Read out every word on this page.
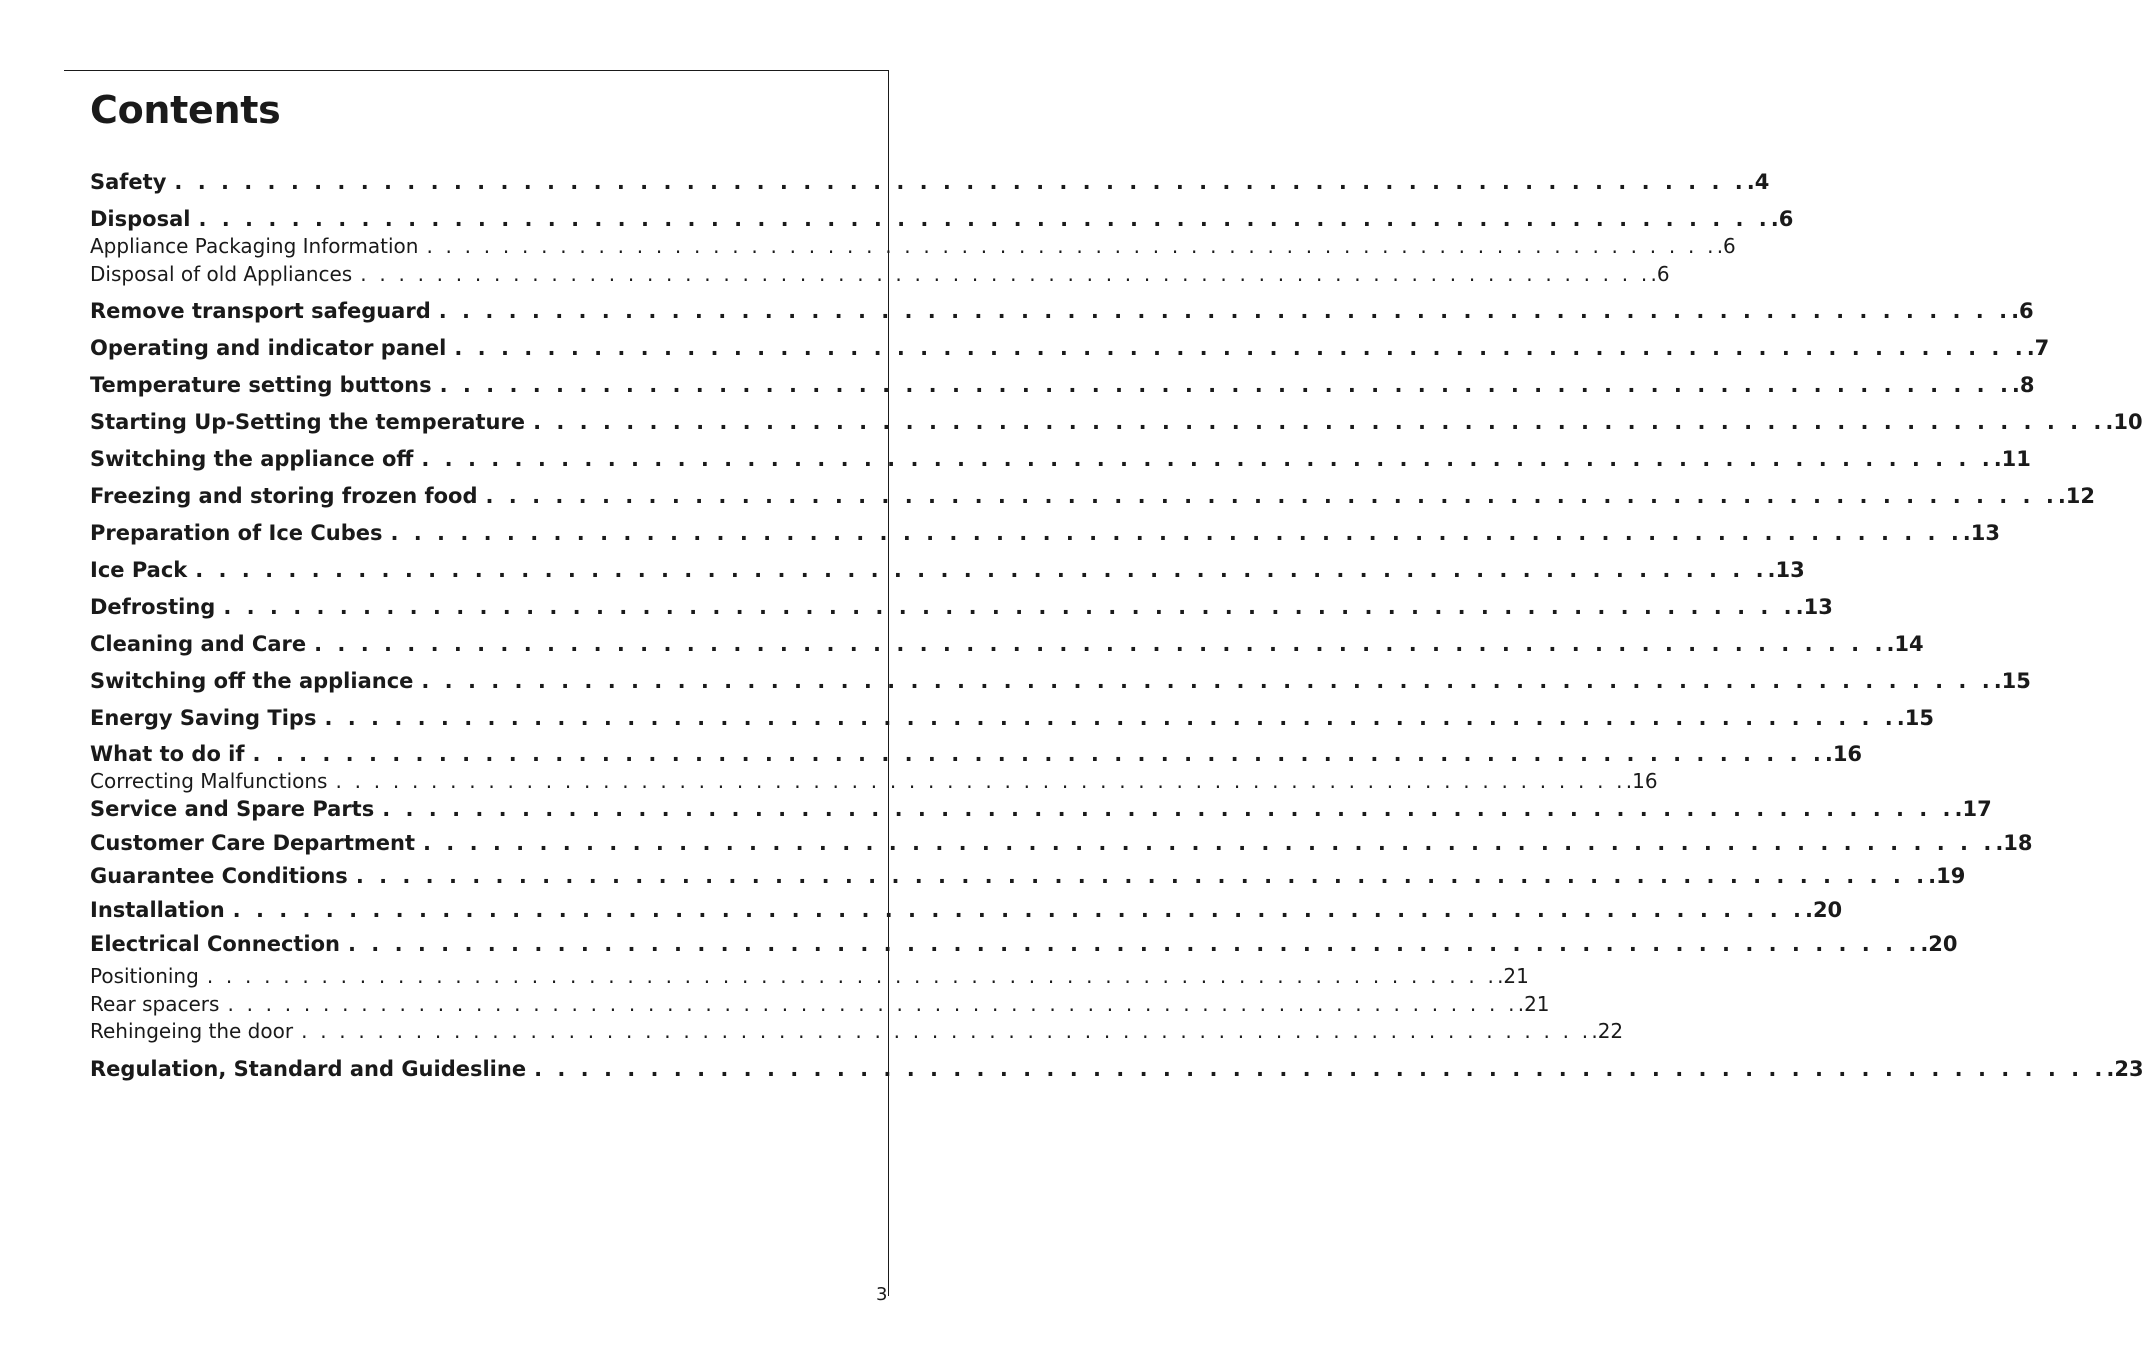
Contents
Safety . . . . . . . . . . . . . . . . . . . . . . . . . . . . . . . . . . . . . . . . . . . . . . . . . . . . . . . . . . . . . . . . . . . . .4
Disposal . . . . . . . . . . . . . . . . . . . . . . . . . . . . . . . . . . . . . . . . . . . . . . . . . . . . . . . . . . . . . . . . . . . . .6
Appliance Packaging Information . . . . . . . . . . . . . . . . . . . . . . . . . . . . . . . . . . . . . . . . . . . . . . . . . . . . . . . . . . . . . . . . . . . . .6
Disposal of old Appliances . . . . . . . . . . . . . . . . . . . . . . . . . . . . . . . . . . . . . . . . . . . . . . . . . . . . . . . . . . . . . . . . . . . . .6
Remove transport safeguard . . . . . . . . . . . . . . . . . . . . . . . . . . . . . . . . . . . . . . . . . . . . . . . . . . . . . . . . . . . . . . . . . . . . .6
Operating and indicator panel . . . . . . . . . . . . . . . . . . . . . . . . . . . . . . . . . . . . . . . . . . . . . . . . . . . . . . . . . . . . . . . . . . . . .7
Temperature setting buttons . . . . . . . . . . . . . . . . . . . . . . . . . . . . . . . . . . . . . . . . . . . . . . . . . . . . . . . . . . . . . . . . . . . . .8
Starting Up-Setting the temperature . . . . . . . . . . . . . . . . . . . . . . . . . . . . . . . . . . . . . . . . . . . . . . . . . . . . . . . . . . . . . . . . . . . . .10
Switching the appliance off . . . . . . . . . . . . . . . . . . . . . . . . . . . . . . . . . . . . . . . . . . . . . . . . . . . . . . . . . . . . . . . . . . . . .11
Freezing and storing frozen food . . . . . . . . . . . . . . . . . . . . . . . . . . . . . . . . . . . . . . . . . . . . . . . . . . . . . . . . . . . . . . . . . . . . .12
Preparation of Ice Cubes . . . . . . . . . . . . . . . . . . . . . . . . . . . . . . . . . . . . . . . . . . . . . . . . . . . . . . . . . . . . . . . . . . . . .13
Ice Pack . . . . . . . . . . . . . . . . . . . . . . . . . . . . . . . . . . . . . . . . . . . . . . . . . . . . . . . . . . . . . . . . . . . . .13
Defrosting . . . . . . . . . . . . . . . . . . . . . . . . . . . . . . . . . . . . . . . . . . . . . . . . . . . . . . . . . . . . . . . . . . . . .13
Cleaning and Care . . . . . . . . . . . . . . . . . . . . . . . . . . . . . . . . . . . . . . . . . . . . . . . . . . . . . . . . . . . . . . . . . . . . .14
Switching off the appliance . . . . . . . . . . . . . . . . . . . . . . . . . . . . . . . . . . . . . . . . . . . . . . . . . . . . . . . . . . . . . . . . . . . . .15
Energy Saving Tips . . . . . . . . . . . . . . . . . . . . . . . . . . . . . . . . . . . . . . . . . . . . . . . . . . . . . . . . . . . . . . . . . . . . .15
What to do if . . . . . . . . . . . . . . . . . . . . . . . . . . . . . . . . . . . . . . . . . . . . . . . . . . . . . . . . . . . . . . . . . . . . .16
Correcting Malfunctions . . . . . . . . . . . . . . . . . . . . . . . . . . . . . . . . . . . . . . . . . . . . . . . . . . . . . . . . . . . . . . . . . . . . .16
Service and Spare Parts . . . . . . . . . . . . . . . . . . . . . . . . . . . . . . . . . . . . . . . . . . . . . . . . . . . . . . . . . . . . . . . . . . . . .17
Customer Care Department . . . . . . . . . . . . . . . . . . . . . . . . . . . . . . . . . . . . . . . . . . . . . . . . . . . . . . . . . . . . . . . . . . . . .18
Guarantee Conditions . . . . . . . . . . . . . . . . . . . . . . . . . . . . . . . . . . . . . . . . . . . . . . . . . . . . . . . . . . . . . . . . . . . . .19
Installation . . . . . . . . . . . . . . . . . . . . . . . . . . . . . . . . . . . . . . . . . . . . . . . . . . . . . . . . . . . . . . . . . . . . .20
Electrical Connection . . . . . . . . . . . . . . . . . . . . . . . . . . . . . . . . . . . . . . . . . . . . . . . . . . . . . . . . . . . . . . . . . . . . .20
Positioning . . . . . . . . . . . . . . . . . . . . . . . . . . . . . . . . . . . . . . . . . . . . . . . . . . . . . . . . . . . . . . . . . . . . .21
Rear spacers . . . . . . . . . . . . . . . . . . . . . . . . . . . . . . . . . . . . . . . . . . . . . . . . . . . . . . . . . . . . . . . . . . . . .21
Rehingeing the door . . . . . . . . . . . . . . . . . . . . . . . . . . . . . . . . . . . . . . . . . . . . . . . . . . . . . . . . . . . . . . . . . . . . .22
Regulation, Standard and Guidesline . . . . . . . . . . . . . . . . . . . . . . . . . . . . . . . . . . . . . . . . . . . . . . . . . . . . . . . . . . . . . . . . . . . . .23
3
